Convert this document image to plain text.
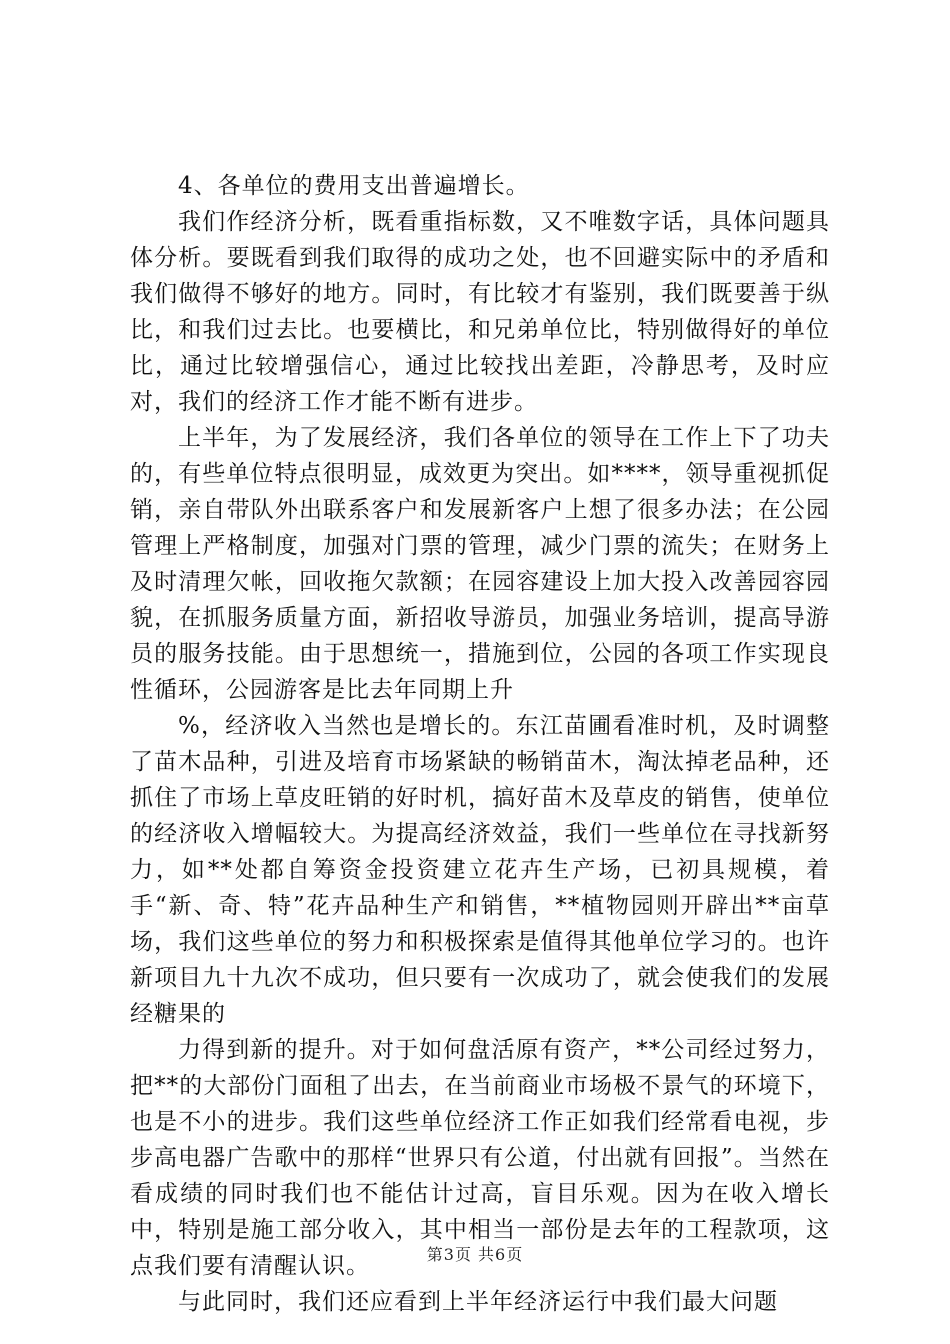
4、各单位的费用支出普遍增长。

我们作经济分析，既看重指标数，又不唯数字话，具体问题具体分析。要既看到我们取得的成功之处，也不回避实际中的矛盾和我们做得不够好的地方。同时，有比较才有鉴别，我们既要善于纵比，和我们过去比。也要横比，和兄弟单位比，特别做得好的单位比，通过比较增强信心，通过比较找出差距，冷静思考，及时应对，我们的经济工作才能不断有进步。

上半年，为了发展经济，我们各单位的领导在工作上下了功夫的，有些单位特点很明显，成效更为突出。如****，领导重视抓促销，亲自带队外出联系客户和发展新客户上想了很多办法；在公园管理上严格制度，加强对门票的管理，减少门票的流失；在财务上及时清理欠帐，回收拖欠款额；在园容建设上加大投入改善园容园貌，在抓服务质量方面，新招收导游员，加强业务培训，提高导游员的服务技能。由于思想统一，措施到位，公园的各项工作实现良性循环，公园游客是比去年同期上升

%，经济收入当然也是增长的。东江苗圃看准时机，及时调整了苗木品种，引进及培育市场紧缺的畅销苗木，淘汰掉老品种，还抓住了市场上草皮旺销的好时机，搞好苗木及草皮的销售，使单位的经济收入增幅较大。为提高经济效益，我们一些单位在寻找新努力，如**处都自筹资金投资建立花卉生产场，已初具规模，着手“新、奇、特”花卉品种生产和销售，**植物园则开辟出**亩草场，我们这些单位的努力和积极探索是值得其他单位学习的。也许新项目九十九次不成功，但只要有一次成功了，就会使我们的发展经糖果的

力得到新的提升。对于如何盘活原有资产，**公司经过努力，把**的大部份门面租了出去，在当前商业市场极不景气的环境下，也是不小的进步。我们这些单位经济工作正如我们经常看电视，步步高电器广告歌中的那样“世界只有公道，付出就有回报”。当然在看成绩的同时我们也不能估计过高，盲目乐观。因为在收入增长中，特别是施工部分收入，其中相当一部份是去年的工程款项，这点我们要有清醒认识。

与此同时，我们还应看到上半年经济运行中我们最大问题

第3页 共6页
